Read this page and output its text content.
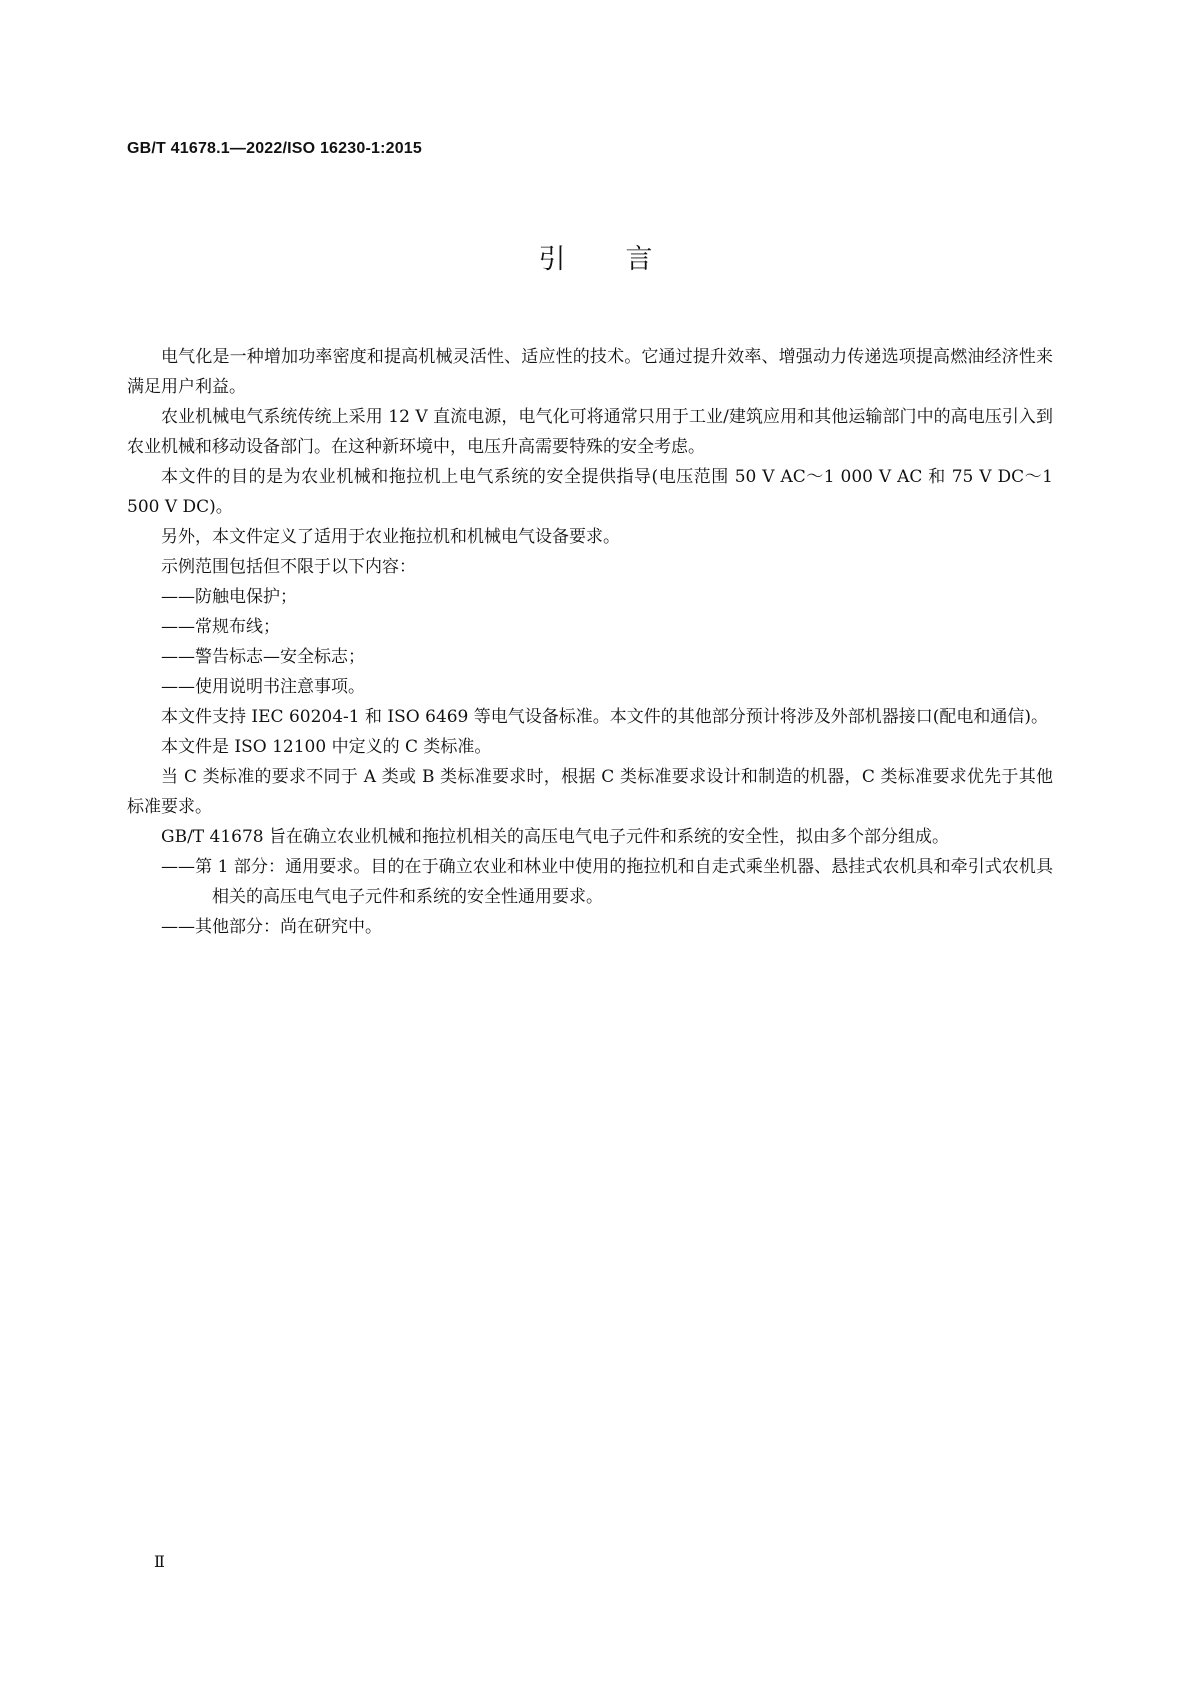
GB/T 41678.1—2022/ISO 16230-1:2015
引言

电气化是一种增加功率密度和提高机械灵活性、适应性的技术。它通过提升效率、增强动力传递选项提高燃油经济性来满足用户利益。

农业机械电气系统传统上采用 12 V 直流电源，电气化可将通常只用于工业/建筑应用和其他运输部门中的高电压引入到农业机械和移动设备部门。在这种新环境中，电压升高需要特殊的安全考虑。

本文件的目的是为农业机械和拖拉机上电气系统的安全提供指导(电压范围 50 V AC～1 000 V AC 和 75 V DC～1 500 V DC)。

另外，本文件定义了适用于农业拖拉机和机械电气设备要求。

示例范围包括但不限于以下内容：

——防触电保护；

——常规布线；

——警告标志—安全标志；

——使用说明书注意事项。

本文件支持 IEC 60204-1 和 ISO 6469 等电气设备标准。本文件的其他部分预计将涉及外部机器接口(配电和通信)。

本文件是 ISO 12100 中定义的 C 类标准。

当 C 类标准的要求不同于 A 类或 B 类标准要求时，根据 C 类标准要求设计和制造的机器，C 类标准要求优先于其他标准要求。

GB/T 41678 旨在确立农业机械和拖拉机相关的高压电气电子元件和系统的安全性，拟由多个部分组成。

——第 1 部分：通用要求。目的在于确立农业和林业中使用的拖拉机和自走式乘坐机器、悬挂式农机具和牵引式农机具相关的高压电气电子元件和系统的安全性通用要求。

——其他部分：尚在研究中。

Ⅱ
